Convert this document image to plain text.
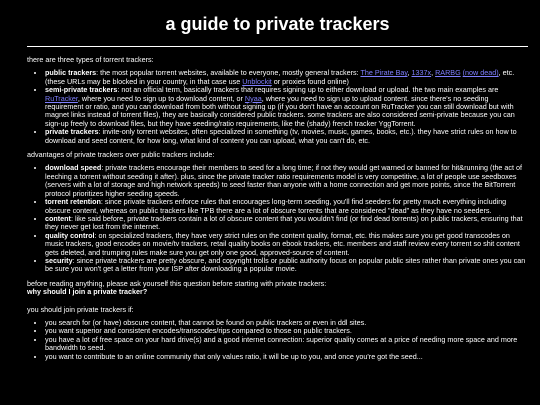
a guide to private trackers

there are three types of torrent trackers:

• public trackers: the most popular torrent websites, available to everyone, mostly general trackers: The Pirate Bay, 1337x, RARBG (now dead), etc. (these URLs may be blocked in your country, in that case use Unblockit or proxies found online)
• semi-private trackers: not an official term, basically trackers that requires signing up to either download or upload. the two main examples are RuTracker, where you need to sign up to download content, or Nyaa, where you need to sign up to upload content. since there's no seeding requirement or ratio, and you can download from both without signing up (if you don't have an account on RuTracker you can still download but with magnet links instead of torrent files), they are basically considered public trackers. some trackers are also considered semi-private because you can sign-up freely to download files, but they have seeding/ratio requirements, like the (shady) french tracker YggTorrent.
• private trackers: invite-only torrent websites, often specialized in something (tv, movies, music, games, books, etc.). they have strict rules on how to download and seed content, for how long, what kind of content you can upload, what you can't do, etc.

advantages of private trackers over public trackers include:

• download speed: private trackers encourage their members to seed for a long time; if not they would get warned or banned for hit&running (the act of leeching a torrent without seeding it after). plus, since the private tracker ratio requirements model is very competitive, a lot of people use seedboxes (servers with a lot of storage and high network speeds) to seed faster than anyone with a home connection and get more points, since the BitTorrent protocol prioritizes higher seeding speeds.
• torrent retention: since private trackers enforce rules that encourages long-term seeding, you'll find seeders for pretty much everything including obscure content, whereas on public trackers like TPB there are a lot of obscure torrents that are considered "dead" as they have no seeders.
• content: like said before, private trackers contain a lot of obscure content that you wouldn't find (or find dead torrents) on public trackers, ensuring that they never get lost from the internet.
• quality control: on specialized trackers, they have very strict rules on the content quality, format, etc. this makes sure you get good transcodes on music trackers, good encodes on movie/tv trackers, retail quality books on ebook trackers, etc. members and staff review every torrent so shit content gets deleted, and trumping rules make sure you get only one good, approved-source of content.
• security: since private trackers are pretty obscure, and copyright trolls or public authority focus on popular public sites rather than private ones you can be sure you won't get a letter from your ISP after downloading a popular movie.

before reading anything, please ask yourself this question before starting with private trackers:

why should I join a private tracker?

you should join private trackers if:

• you search for (or have) obscure content, that cannot be found on public trackers or even in ddl sites.
• you want superior and consistent encodes/transcodes/rips compared to those on public trackers.
• you have a lot of free space on your hard drive(s) and a good internet connection: superior quality comes at a price of needing more space and more bandwidth to seed.
• you want to contribute to an online community that only values ratio, it will be up to you, and once you're got the seed...
